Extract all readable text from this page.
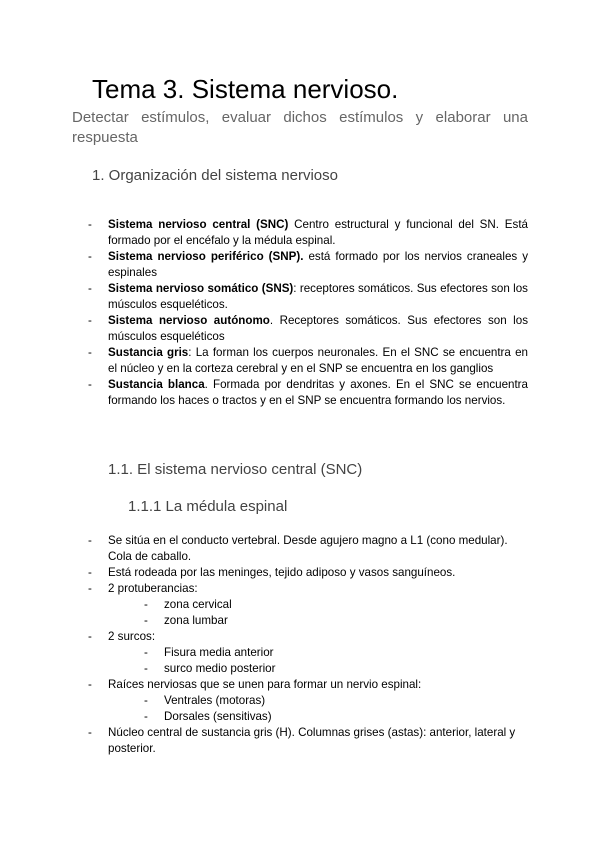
Tema 3. Sistema nervioso.
Detectar estímulos, evaluar dichos estímulos y elaborar una respuesta
1. Organización del sistema nervioso
- Sistema nervioso central (SNC) Centro estructural y funcional del SN. Está formado por el encéfalo y la médula espinal.
- Sistema nervioso periférico (SNP). está formado por los nervios craneales y espinales
- Sistema nervioso somático (SNS): receptores somáticos. Sus efectores son los músculos esqueléticos.
- Sistema nervioso autónomo. Receptores somáticos. Sus efectores son los músculos esqueléticos
- Sustancia gris: La forman los cuerpos neuronales. En el SNC se encuentra en el núcleo y en la corteza cerebral y en el SNP se encuentra en los ganglios
- Sustancia blanca. Formada por dendritas y axones. En el SNC se encuentra formando los haces o tractos y en el SNP se encuentra formando los nervios.
1.1. El sistema nervioso central (SNC)
1.1.1 La médula espinal
- Se sitúa en el conducto vertebral. Desde agujero magno a L1 (cono medular). Cola de caballo.
- Está rodeada por las meninges, tejido adiposo y vasos sanguíneos.
- 2 protuberancias:
- zona cervical
- zona lumbar
- 2 surcos:
- Fisura media anterior
- surco medio posterior
- Raíces nerviosas que se unen para formar un nervio espinal:
- Ventrales (motoras)
- Dorsales (sensitivas)
- Núcleo central de sustancia gris (H). Columnas grises (astas): anterior, lateral y posterior.
